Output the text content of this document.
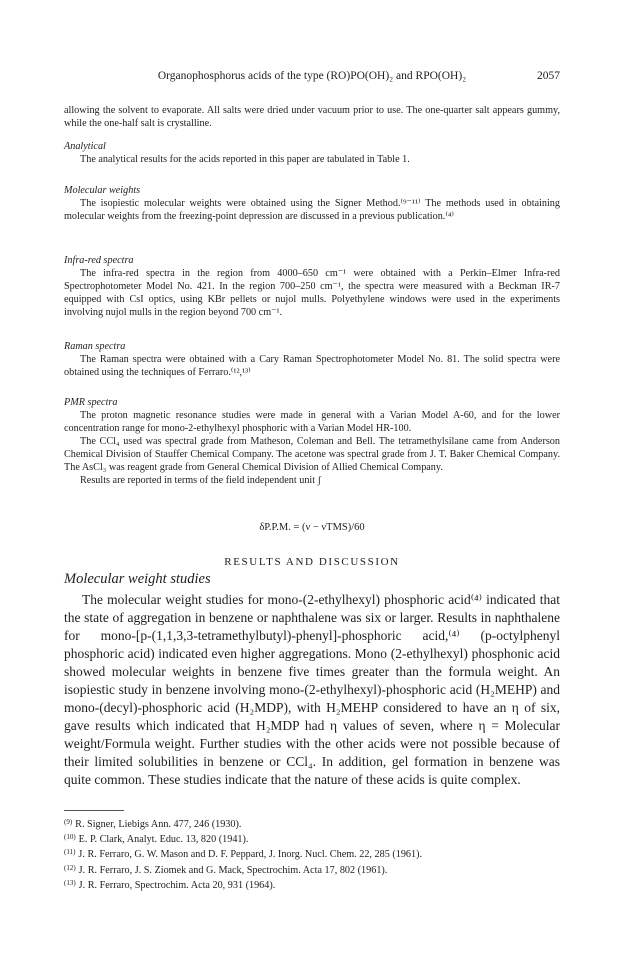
Organophosphorus acids of the type (RO)PO(OH)₂ and RPO(OH)₂	2057

allowing the solvent to evaporate. All salts were dried under vacuum prior to use. The one-quarter salt appears gummy, while the one-half salt is crystalline.

Analytical

The analytical results for the acids reported in this paper are tabulated in Table 1.

Molecular weights

The isopiestic molecular weights were obtained using the Signer Method.⁽⁹⁻¹¹⁾ The methods used in obtaining molecular weights from the freezing-point depression are discussed in a previous publication.⁽⁴⁾

Infra-red spectra

The infra-red spectra in the region from 4000–650 cm⁻¹ were obtained with a Perkin–Elmer Infra-red Spectrophotometer Model No. 421. In the region 700–250 cm⁻¹, the spectra were measured with a Beckman IR-7 equipped with CsI optics, using KBr pellets or nujol mulls. Polyethylene windows were used in the experiments involving nujol mulls in the region beyond 700 cm⁻¹.

Raman spectra

The Raman spectra were obtained with a Cary Raman Spectrophotometer Model No. 81. The solid spectra were obtained using the techniques of Ferraro.⁽¹²,¹³⁾

PMR spectra

The proton magnetic resonance studies were made in general with a Varian Model A-60, and for the lower concentration range for mono-2-ethylhexyl phosphoric with a Varian Model HR-100.

The CCl₄ used was spectral grade from Matheson, Coleman and Bell. The tetramethylsilane came from Anderson Chemical Division of Stauffer Chemical Company. The acetone was spectral grade from J. T. Baker Chemical Company. The AsCl₃ was reagent grade from General Chemical Division of Allied Chemical Company.

Results are reported in terms of the field independent unit ʃ

δP.P.M. = (ν − νTMS)/60
RESULTS AND DISCUSSION
Molecular weight studies

The molecular weight studies for mono-(2-ethylhexyl) phosphoric acid⁽⁴⁾ indicated that the state of aggregation in benzene or naphthalene was six or larger. Results in naphthalene for mono-[p-(1,1,3,3-tetramethylbutyl)-phenyl]-phosphoric acid,⁽⁴⁾ (p-octylphenyl phosphoric acid) indicated even higher aggregations. Mono (2-ethylhexyl) phosphonic acid showed molecular weights in benzene five times greater than the formula weight. An isopiestic study in benzene involving mono-(2-ethylhexyl)-phosphoric acid (H₂MEHP) and mono-(decyl)-phosphoric acid (H₂MDP), with H₂MEHP considered to have an η of six, gave results which indicated that H₂MDP had η values of seven, where η = Molecular weight/Formula weight. Further studies with the other acids were not possible because of their limited solubilities in benzene or CCl₄. In addition, gel formation in benzene was quite common. These studies indicate that the nature of these acids is quite complex.

$^{(9)}$ R. Signer, Liebigs Ann. 477, 246 (1930).
$^{(10)}$ E. P. Clark, Analyt. Educ. 13, 820 (1941).
$^{(11)}$ J. R. Ferraro, G. W. Mason and D. F. Peppard, J. Inorg. Nucl. Chem. 22, 285 (1961).
$^{(12)}$ J. R. Ferraro, J. S. Ziomek and G. Mack, Spectrochim. Acta 17, 802 (1961).
$^{(13)}$ J. R. Ferraro, Spectrochim. Acta 20, 931 (1964).
